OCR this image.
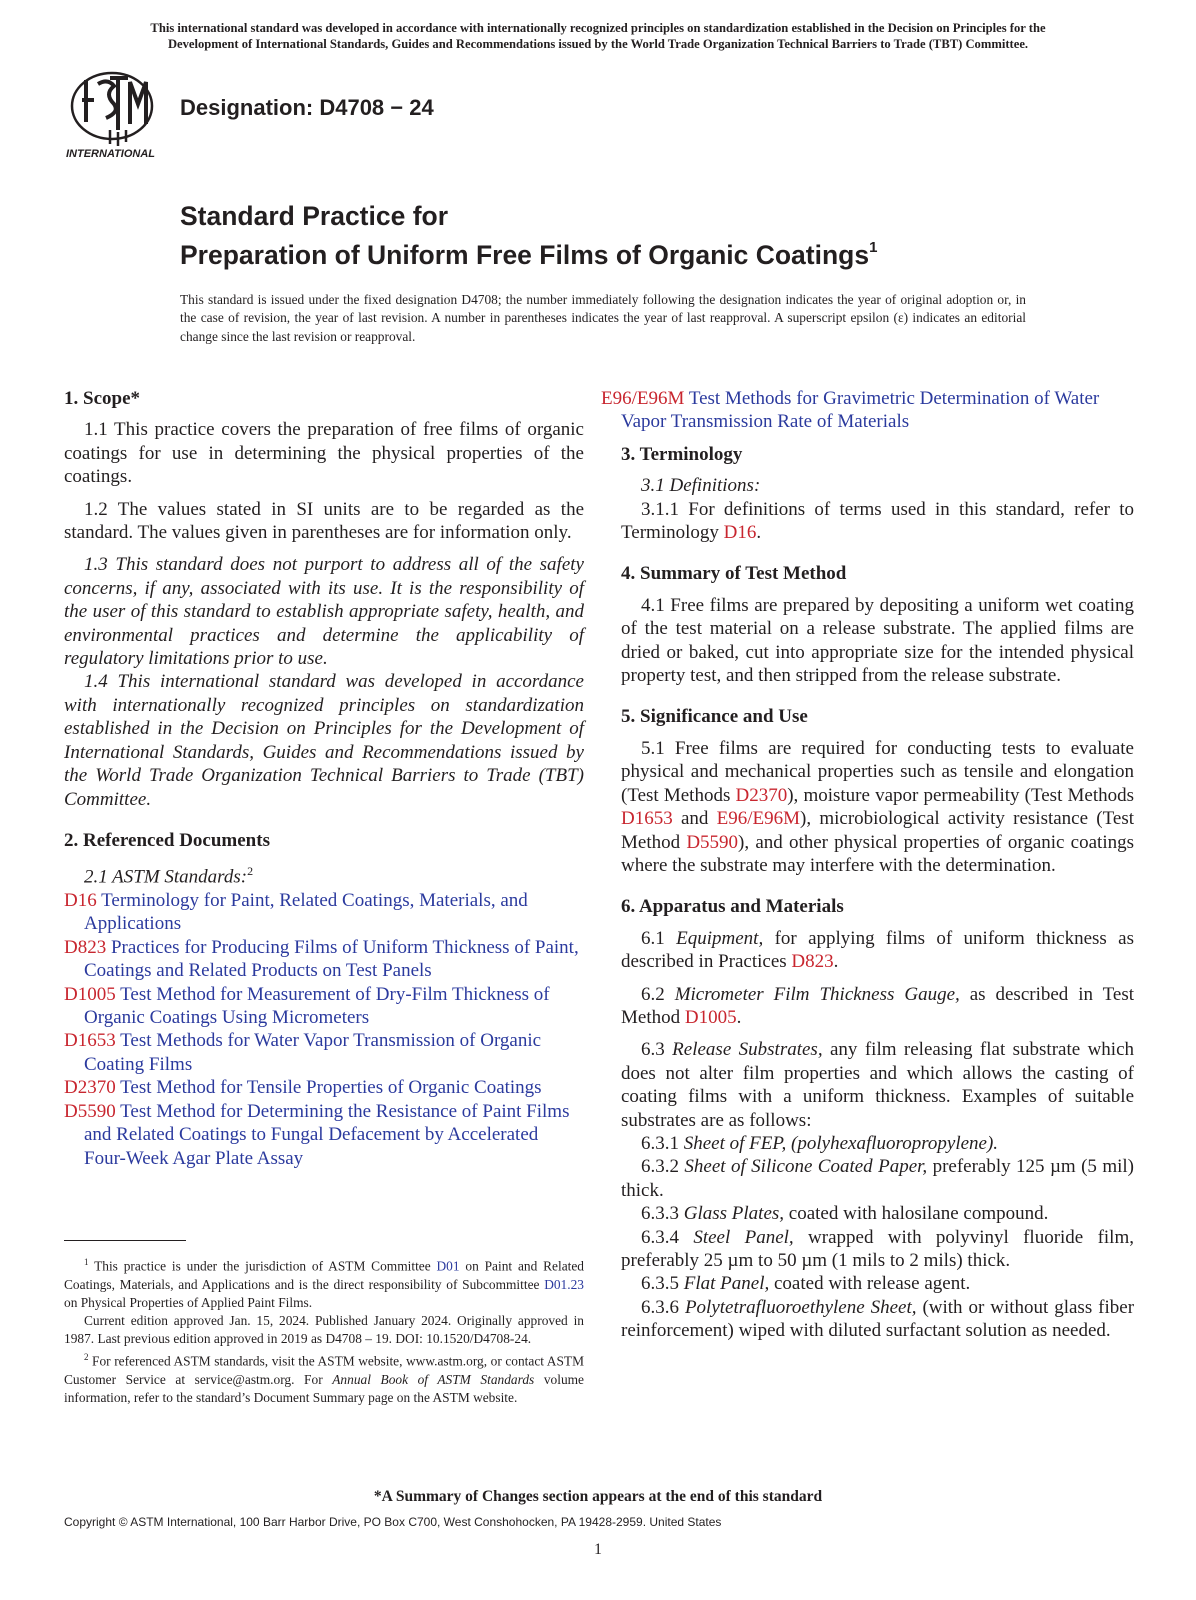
This international standard was developed in accordance with internationally recognized principles on standardization established in the Decision on Principles for the
Development of International Standards, Guides and Recommendations issued by the World Trade Organization Technical Barriers to Trade (TBT) Committee.
INTERNATIONAL
Designation: D4708 − 24
Standard Practice for
Preparation of Uniform Free Films of Organic Coatings$^1$
This standard is issued under the fixed designation D4708; the number immediately following the designation indicates the year of original adoption or, in the case of revision, the year of last revision. A number in parentheses indicates the year of last reapproval. A superscript epsilon (ε) indicates an editorial change since the last revision or reapproval.
1. Scope*

1.1 This practice covers the preparation of free films of organic coatings for use in determining the physical properties of the coatings.

1.2 The values stated in SI units are to be regarded as the standard. The values given in parentheses are for information only.

1.3 This standard does not purport to address all of the safety concerns, if any, associated with its use. It is the responsibility of the user of this standard to establish appropriate safety, health, and environmental practices and determine the applicability of regulatory limitations prior to use.

1.4 This international standard was developed in accordance with internationally recognized principles on standardization established in the Decision on Principles for the Development of International Standards, Guides and Recommendations issued by the World Trade Organization Technical Barriers to Trade (TBT) Committee.

2. Referenced Documents

2.1 ASTM Standards:$^2$

D16 Terminology for Paint, Related Coatings, Materials, and Applications

D823 Practices for Producing Films of Uniform Thickness of Paint, Coatings and Related Products on Test Panels

D1005 Test Method for Measurement of Dry-Film Thickness of Organic Coatings Using Micrometers

D1653 Test Methods for Water Vapor Transmission of Organic Coating Films

D2370 Test Method for Tensile Properties of Organic Coatings

D5590 Test Method for Determining the Resistance of Paint Films and Related Coatings to Fungal Defacement by Accelerated Four-Week Agar Plate Assay

E96/E96M Test Methods for Gravimetric Determination of Water Vapor Transmission Rate of Materials

3. Terminology

3.1 Definitions:

3.1.1 For definitions of terms used in this standard, refer to Terminology D16.

4. Summary of Test Method

4.1 Free films are prepared by depositing a uniform wet coating of the test material on a release substrate. The applied films are dried or baked, cut into appropriate size for the intended physical property test, and then stripped from the release substrate.

5. Significance and Use

5.1 Free films are required for conducting tests to evaluate physical and mechanical properties such as tensile and elongation (Test Methods D2370), moisture vapor permeability (Test Methods D1653 and E96/E96M), microbiological activity resistance (Test Method D5590), and other physical properties of organic coatings where the substrate may interfere with the determination.

6. Apparatus and Materials

6.1 Equipment, for applying films of uniform thickness as described in Practices D823.

6.2 Micrometer Film Thickness Gauge, as described in Test Method D1005.

6.3 Release Substrates, any film releasing flat substrate which does not alter film properties and which allows the casting of coating films with a uniform thickness. Examples of suitable substrates are as follows:

6.3.1 Sheet of FEP, (polyhexafluoropropylene).

6.3.2 Sheet of Silicone Coated Paper, preferably 125 µm (5 mil) thick.

6.3.3 Glass Plates, coated with halosilane compound.

6.3.4 Steel Panel, wrapped with polyvinyl fluoride film, preferably 25 µm to 50 µm (1 mils to 2 mils) thick.

6.3.5 Flat Panel, coated with release agent.

6.3.6 Polytetrafluoroethylene Sheet, (with or without glass fiber reinforcement) wiped with diluted surfactant solution as needed.

$^1$ This practice is under the jurisdiction of ASTM Committee D01 on Paint and Related Coatings, Materials, and Applications and is the direct responsibility of Subcommittee D01.23 on Physical Properties of Applied Paint Films.

Current edition approved Jan. 15, 2024. Published January 2024. Originally approved in 1987. Last previous edition approved in 2019 as D4708 – 19. DOI: 10.1520/D4708-24.

$^2$ For referenced ASTM standards, visit the ASTM website, www.astm.org, or contact ASTM Customer Service at service@astm.org. For Annual Book of ASTM Standards volume information, refer to the standard’s Document Summary page on the ASTM website.

*A Summary of Changes section appears at the end of this standard
Copyright © ASTM International, 100 Barr Harbor Drive, PO Box C700, West Conshohocken, PA 19428-2959. United States
1
